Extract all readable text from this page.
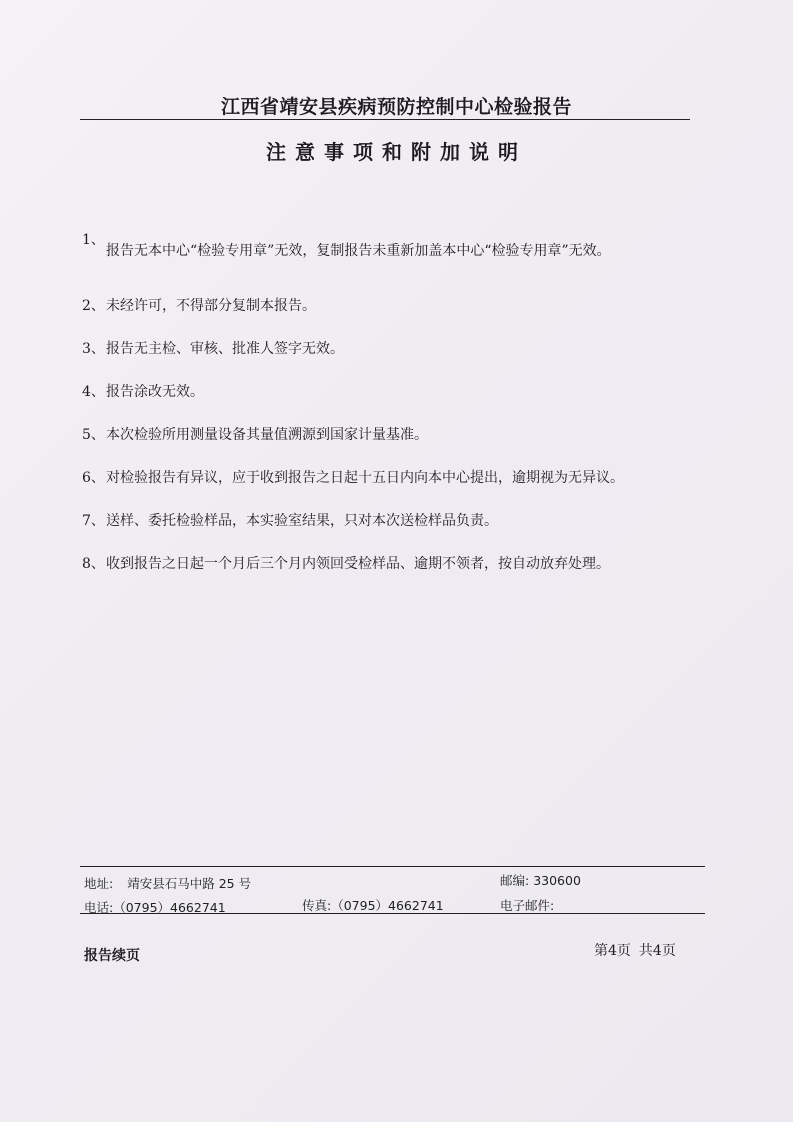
江西省靖安县疾病预防控制中心检验报告
注意事项和附加说明
1、
报告无本中心“检验专用章”无效，复制报告未重新加盖本中心“检验专用章”无效。
2、 未经许可，不得部分复制本报告。
3、 报告无主检、审核、批准人签字无效。
4、 报告涂改无效。
5、 本次检验所用测量设备其量值溯源到国家计量基准。
6、 对检验报告有异议，应于收到报告之日起十五日内向本中心提出，逾期视为无异议。
7、 送样、委托检验样品，本实验室结果，只对本次送检样品负责。
8、 收到报告之日起一个月后三个月内领回受检样品、逾期不领者，按自动放弃处理。
地址: 靖安县石马中路 25 号	邮编: 330600
电话:（0795）4662741	传真:（0795）4662741	电子邮件:
报告续页	第4页 共4页
